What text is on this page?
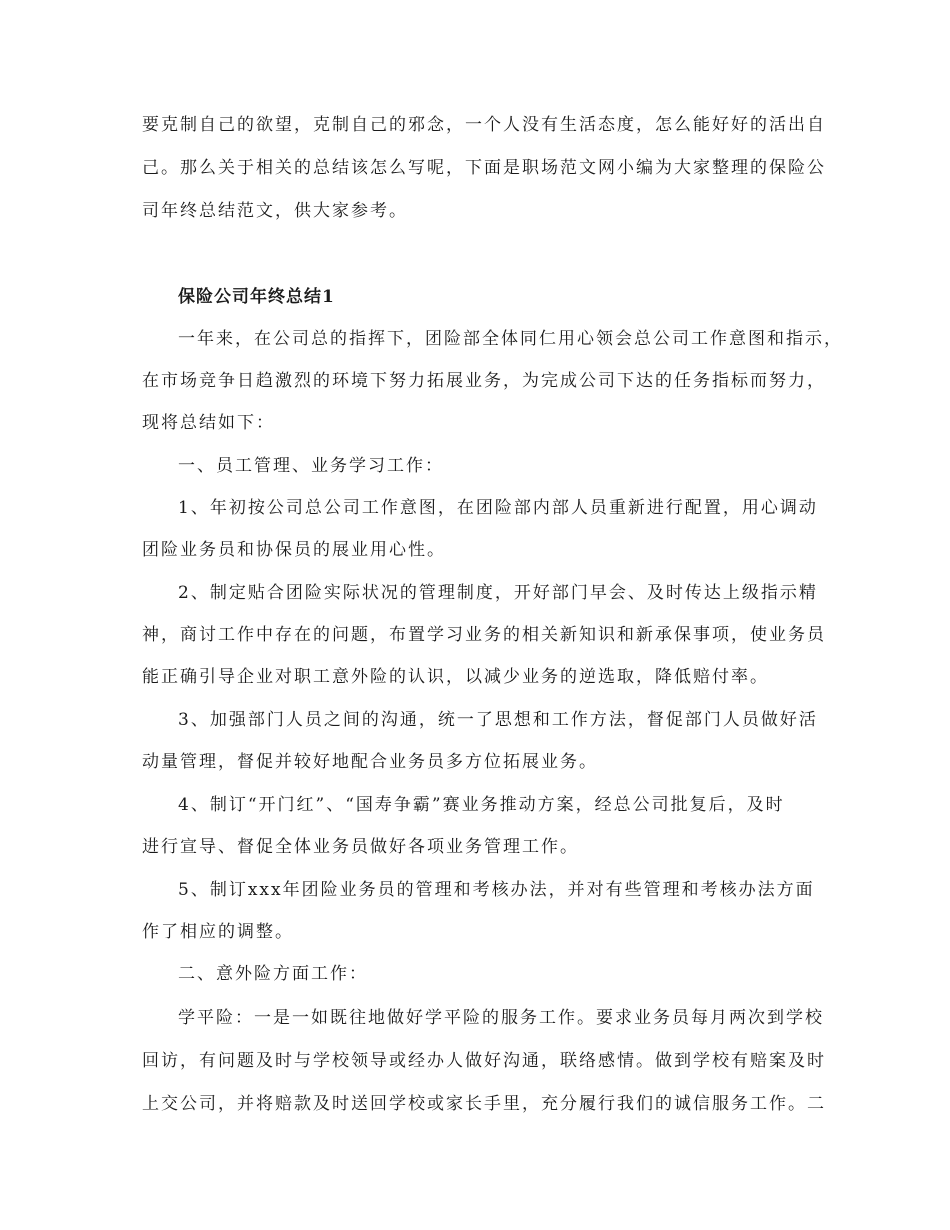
要克制自己的欲望，克制自己的邪念，一个人没有生活态度，怎么能好好的活出自
己。那么关于相关的总结该怎么写呢，下面是职场范文网小编为大家整理的保险公
司年终总结范文，供大家参考。
保险公司年终总结1
一年来，在公司总的指挥下，团险部全体同仁用心领会总公司工作意图和指示，
在市场竞争日趋激烈的环境下努力拓展业务，为完成公司下达的任务指标而努力，
现将总结如下：
一、员工管理、业务学习工作：
1、年初按公司总公司工作意图，在团险部内部人员重新进行配置，用心调动
团险业务员和协保员的展业用心性。
2、制定贴合团险实际状况的管理制度，开好部门早会、及时传达上级指示精
神，商讨工作中存在的问题，布置学习业务的相关新知识和新承保事项，使业务员
能正确引导企业对职工意外险的认识，以减少业务的逆选取，降低赔付率。
3、加强部门人员之间的沟通，统一了思想和工作方法，督促部门人员做好活
动量管理，督促并较好地配合业务员多方位拓展业务。
4、制订“开门红”、“国寿争霸”赛业务推动方案，经总公司批复后，及时
进行宣导、督促全体业务员做好各项业务管理工作。
5、制订xxx年团险业务员的管理和考核办法，并对有些管理和考核办法方面
作了相应的调整。
二、意外险方面工作：
学平险：一是一如既往地做好学平险的服务工作。要求业务员每月两次到学校
回访，有问题及时与学校领导或经办人做好沟通，联络感情。做到学校有赔案及时
上交公司，并将赔款及时送回学校或家长手里，充分履行我们的诚信服务工作。二
